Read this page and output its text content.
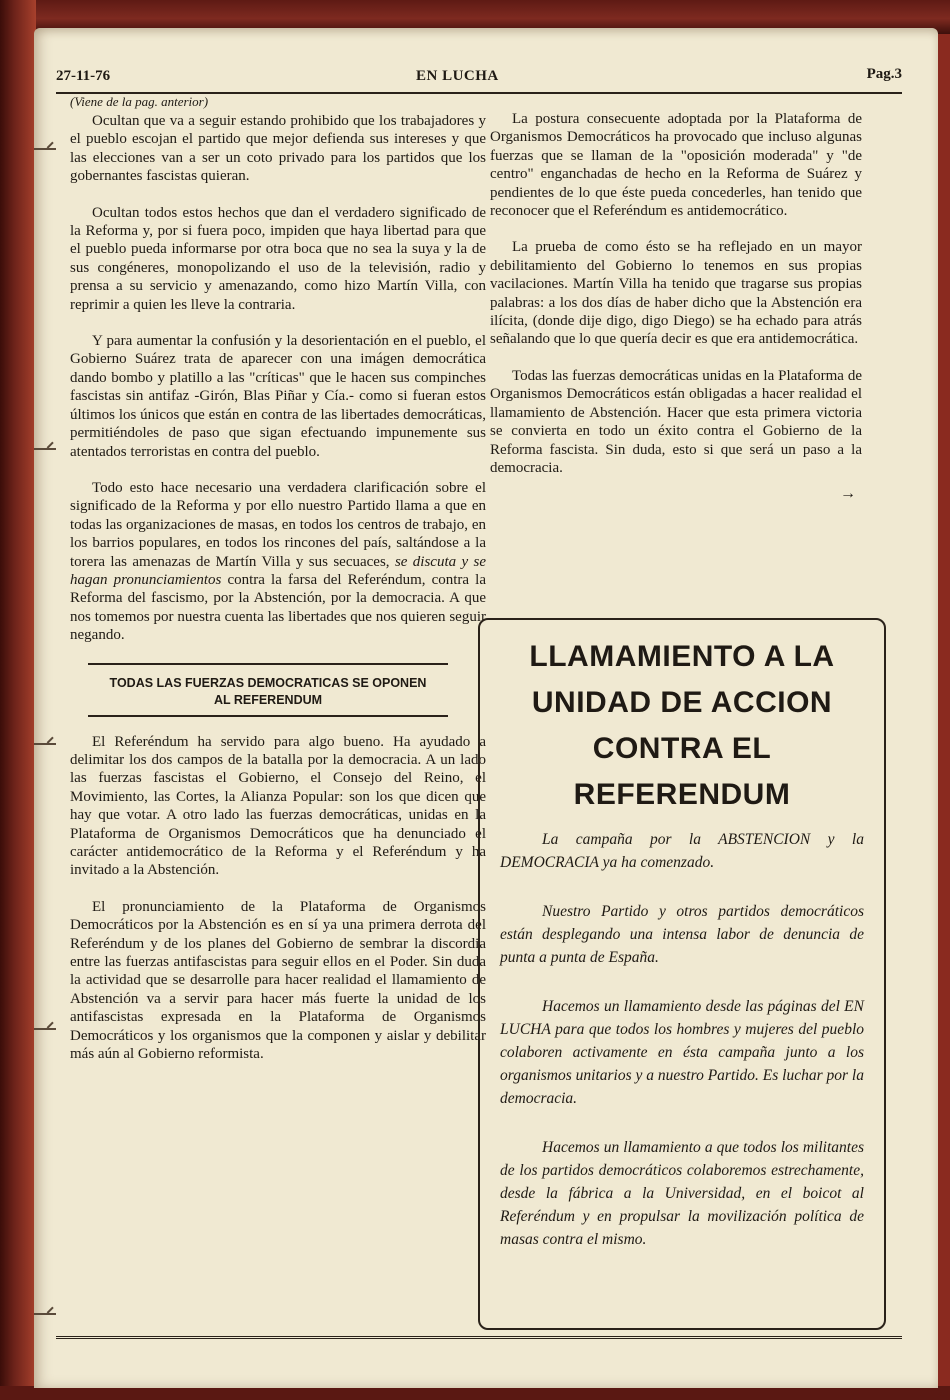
27-11-76	EN LUCHA	Pag.3
(Viene de la pag. anterior)

Ocultan que va a seguir estando prohibido que los trabajadores y el pueblo escojan el partido que mejor defienda sus intereses y que las elecciones van a ser un coto privado para los partidos que los gobernantes fascistas quieran.

Ocultan todos estos hechos que dan el verdadero significado de la Reforma y, por si fuera poco, impiden que haya libertad para que el pueblo pueda informarse por otra boca que no sea la suya y la de sus congéneres, monopolizando el uso de la televisión, radio y prensa a su servicio y amenazando, como hizo Martín Villa, con reprimir a quien les lleve la contraria.

Y para aumentar la confusión y la desorientación en el pueblo, el Gobierno Suárez trata de aparecer con una imágen democrática dando bombo y platillo a las "críticas" que le hacen sus compinches fascistas sin antifaz -Girón, Blas Piñar y Cía.- como si fueran estos últimos los únicos que están en contra de las libertades democráticas, permitiéndoles de paso que sigan efectuando impunemente sus atentados terroristas en contra del pueblo.

Todo esto hace necesario una verdadera clarificación sobre el significado de la Reforma y por ello nuestro Partido llama a que en todas las organizaciones de masas, en todos los centros de trabajo, en los barrios populares, en todos los rincones del país, saltándose a la torera las amenazas de Martín Villa y sus secuaces, se discuta y se hagan pronunciamientos contra la farsa del Referéndum, contra la Reforma del fascismo, por la Abstención, por la democracia. A que nos tomemos por nuestra cuenta las libertades que nos quieren seguir negando.

TODAS LAS FUERZAS DEMOCRATICAS SE OPONEN
AL REFERENDUM

El Referéndum ha servido para algo bueno. Ha ayudado a delimitar los dos campos de la batalla por la democracia. A un lado las fuerzas fascistas el Gobierno, el Consejo del Reino, el Movimiento, las Cortes, la Alianza Popular: son los que dicen que hay que votar. A otro lado las fuerzas democráticas, unidas en la Plataforma de Organismos Democráticos que ha denunciado el carácter antidemocrático de la Reforma y el Referéndum y ha invitado a la Abstención.

El pronunciamiento de la Plataforma de Organismos Democráticos por la Abstención es en sí ya una primera derrota del Referéndum y de los planes del Gobierno de sembrar la discordia entre las fuerzas antifascistas para seguir ellos en el Poder. Sin duda la actividad que se desarrolle para hacer realidad el llamamiento de Abstención va a servir para hacer más fuerte la unidad de los antifascistas expresada en la Plataforma de Organismos Democráticos y los organismos que la componen y aislar y debilitar más aún al Gobierno reformista.

La postura consecuente adoptada por la Plataforma de Organismos Democráticos ha provocado que incluso algunas fuerzas que se llaman de la "oposición moderada" y "de centro" enganchadas de hecho en la Reforma de Suárez y pendientes de lo que éste pueda concederles, han tenido que reconocer que el Referéndum es antidemocrático.

La prueba de como ésto se ha reflejado en un mayor debilitamiento del Gobierno lo tenemos en sus propias vacilaciones. Martín Villa ha tenido que tragarse sus propias palabras: a los dos días de haber dicho que la Abstención era ilícita, (donde dije digo, digo Diego) se ha echado para atrás señalando que lo que quería decir es que era antidemocrática.

Todas las fuerzas democráticas unidas en la Plataforma de Organismos Democráticos están obligadas a hacer realidad el llamamiento de Abstención. Hacer que esta primera victoria se convierta en todo un éxito contra el Gobierno de la Reforma fascista. Sin duda, esto si que será un paso a la democracia.

→
LLAMAMIENTO A LA
UNIDAD DE ACCION
CONTRA EL
REFERENDUM

La campaña por la ABSTENCION y la DEMOCRACIA ya ha comenzado.

Nuestro Partido y otros partidos democráticos están desplegando una intensa labor de denuncia de punta a punta de España.

Hacemos un llamamiento desde las páginas del EN LUCHA para que todos los hombres y mujeres del pueblo colaboren activamente en ésta campaña junto a los organismos unitarios y a nuestro Partido. Es luchar por la democracia.

Hacemos un llamamiento a que todos los militantes de los partidos democráticos colaboremos estrechamente, desde la fábrica a la Universidad, en el boicot al Referéndum y en propulsar la movilización política de masas contra el mismo.
